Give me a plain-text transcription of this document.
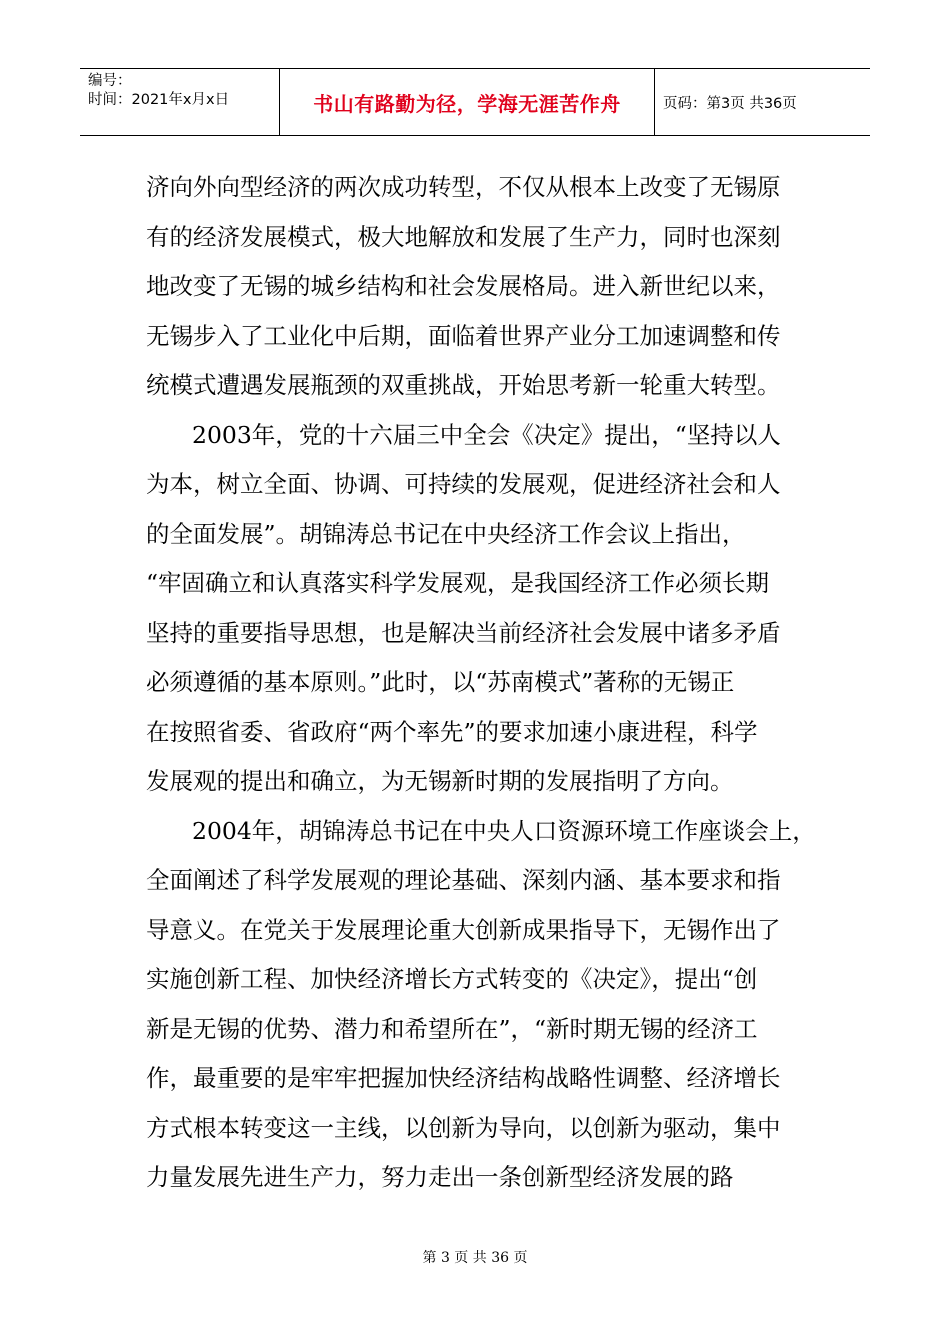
编号：
时间：2021年x月x日	书山有路勤为径，学海无涯苦作舟	页码：第3页 共36页
济向外向型经济的两次成功转型，不仅从根本上改变了无锡原
有的经济发展模式，极大地解放和发展了生产力，同时也深刻
地改变了无锡的城乡结构和社会发展格局。进入新世纪以来，
无锡步入了工业化中后期，面临着世界产业分工加速调整和传
统模式遭遇发展瓶颈的双重挑战，开始思考新一轮重大转型。
2003年，党的十六届三中全会《决定》提出，“坚持以人
为本，树立全面、协调、可持续的发展观，促进经济社会和人
的全面发展”。胡锦涛总书记在中央经济工作会议上指出，
“牢固确立和认真落实科学发展观，是我国经济工作必须长期
坚持的重要指导思想，也是解决当前经济社会发展中诸多矛盾
必须遵循的基本原则。”此时，以“苏南模式”著称的无锡正
在按照省委、省政府“两个率先”的要求加速小康进程，科学
发展观的提出和确立，为无锡新时期的发展指明了方向。
2004年，胡锦涛总书记在中央人口资源环境工作座谈会上，
全面阐述了科学发展观的理论基础、深刻内涵、基本要求和指
导意义。在党关于发展理论重大创新成果指导下，无锡作出了
实施创新工程、加快经济增长方式转变的《决定》，提出“创
新是无锡的优势、潜力和希望所在”，“新时期无锡的经济工
作，最重要的是牢牢把握加快经济结构战略性调整、经济增长
方式根本转变这一主线，以创新为导向，以创新为驱动，集中
力量发展先进生产力，努力走出一条创新型经济发展的路
第 3 页 共 36 页
